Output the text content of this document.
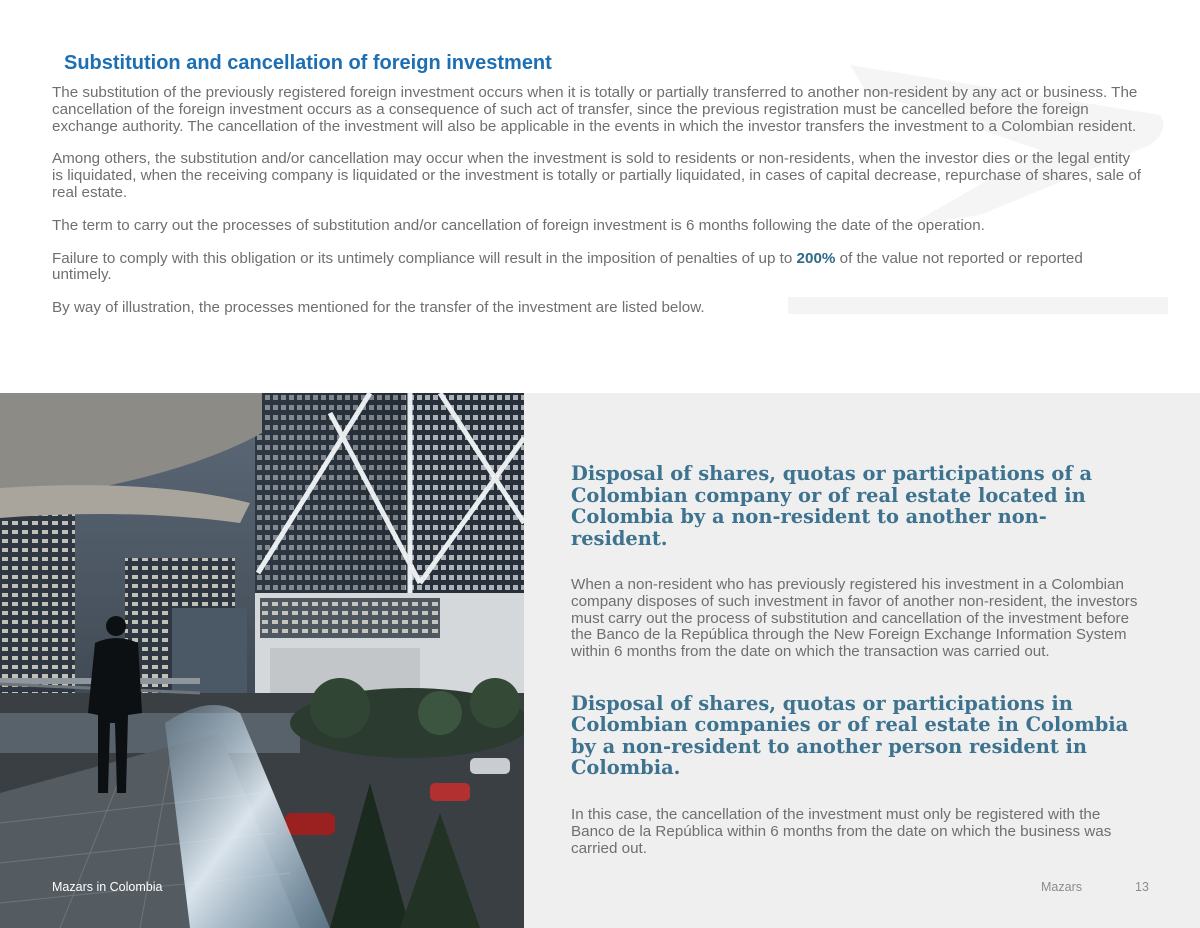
Substitution and cancellation of foreign investment

The substitution of the previously registered foreign investment occurs when it is totally or partially transferred to another non-resident by any act or business. The cancellation of the foreign investment occurs as a consequence of such act of transfer, since the previous registration must be cancelled before the foreign exchange authority. The cancellation of the investment will also be applicable in the events in which the investor transfers the investment to a Colombian resident.

Among others, the substitution and/or cancellation may occur when the investment is sold to residents or non-residents, when the investor dies or the legal entity is liquidated, when the receiving company is liquidated or the investment is totally or partially liquidated, in cases of capital decrease, repurchase of shares, sale of real estate.

The term to carry out the processes of substitution and/or cancellation of foreign investment is 6 months following the date of the operation.

Failure to comply with this obligation or its untimely compliance will result in the imposition of penalties of up to 200% of the value not reported or reported untimely.

By way of illustration, the processes mentioned for the transfer of the investment are listed below.

Disposal of shares, quotas or participations of a Colombian company or of real estate located in Colombia by a non-resident to another non-resident.

When a non-resident who has previously registered his investment in a Colombian company disposes of such investment in favor of another non-resident, the investors must carry out the process of substitution and cancellation of the investment before the Banco de la República through the New Foreign Exchange Information System within 6 months from the date on which the transaction was carried out.

Disposal of shares, quotas or participations in Colombian companies or of real estate in Colombia by a non-resident to another person resident in Colombia.

In this case, the cancellation of the investment must only be registered with the Banco de la República within 6 months from the date on which the business was carried out.

Mazars in Colombia	Mazars	13
